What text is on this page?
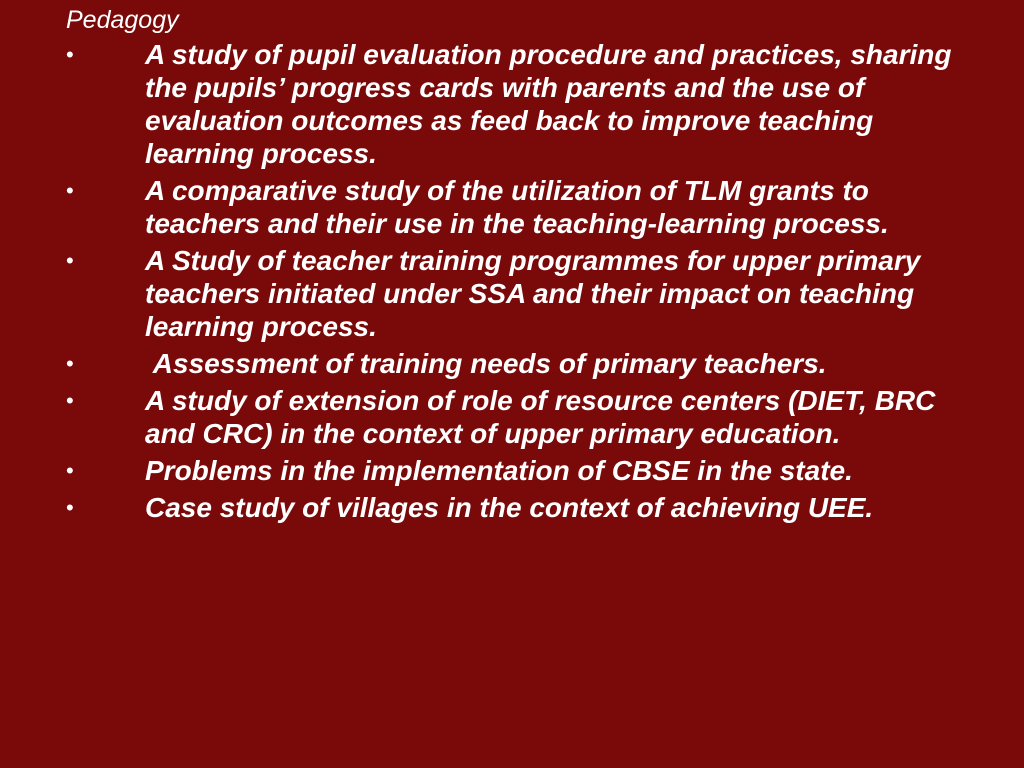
Pedagogy
•	A study of pupil evaluation procedure and practices, sharing the pupils’ progress cards with parents and the use of evaluation outcomes as feed back to improve teaching learning process.
•	A comparative study of the utilization of TLM grants to teachers and their use in the teaching-learning process.
•	A Study of teacher training programmes for upper primary teachers initiated under SSA and their impact on teaching learning process.
•	Assessment of training needs of primary teachers.
•	A study of extension of role of resource centers (DIET, BRC and CRC) in the context of upper primary education.
•	Problems in the implementation of CBSE in the state.
•	Case study of villages in the context of achieving UEE.
